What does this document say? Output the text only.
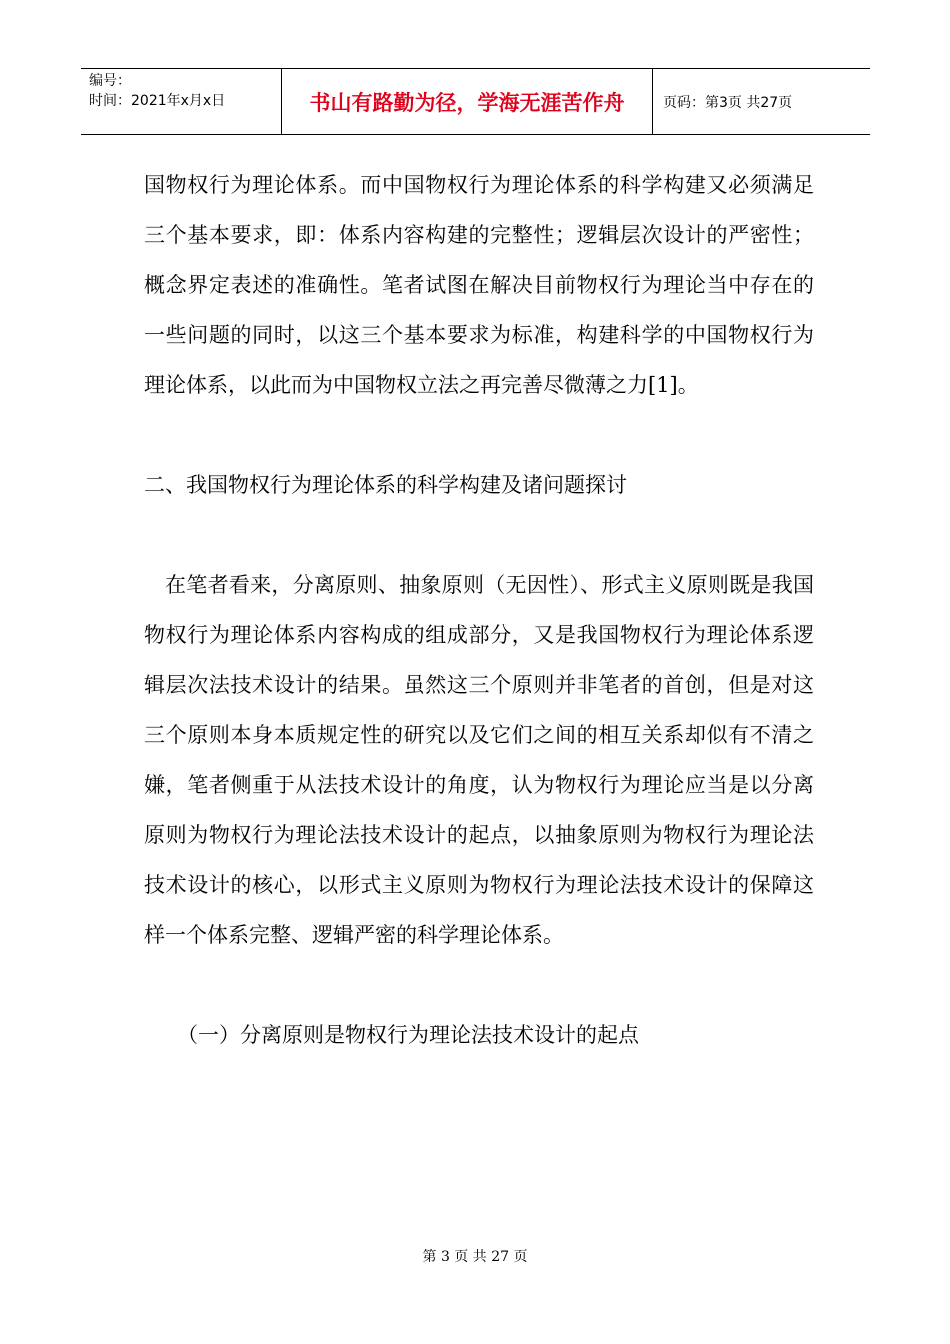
编号：
时间：2021年x月x日	书山有路勤为径，学海无涯苦作舟	页码：第3页 共27页

国物权行为理论体系。而中国物权行为理论体系的科学构建又必须满足三个基本要求，即：体系内容构建的完整性；逻辑层次设计的严密性；概念界定表述的准确性。笔者试图在解决目前物权行为理论当中存在的一些问题的同时，以这三个基本要求为标准，构建科学的中国物权行为理论体系，以此而为中国物权立法之再完善尽微薄之力[1]。

二、我国物权行为理论体系的科学构建及诸问题探讨

在笔者看来，分离原则、抽象原则（无因性）、形式主义原则既是我国物权行为理论体系内容构成的组成部分，又是我国物权行为理论体系逻辑层次法技术设计的结果。虽然这三个原则并非笔者的首创，但是对这三个原则本身本质规定性的研究以及它们之间的相互关系却似有不清之嫌，笔者侧重于从法技术设计的角度，认为物权行为理论应当是以分离原则为物权行为理论法技术设计的起点，以抽象原则为物权行为理论法技术设计的核心，以形式主义原则为物权行为理论法技术设计的保障这样一个体系完整、逻辑严密的科学理论体系。

（一）分离原则是物权行为理论法技术设计的起点

第 3 页 共 27 页
